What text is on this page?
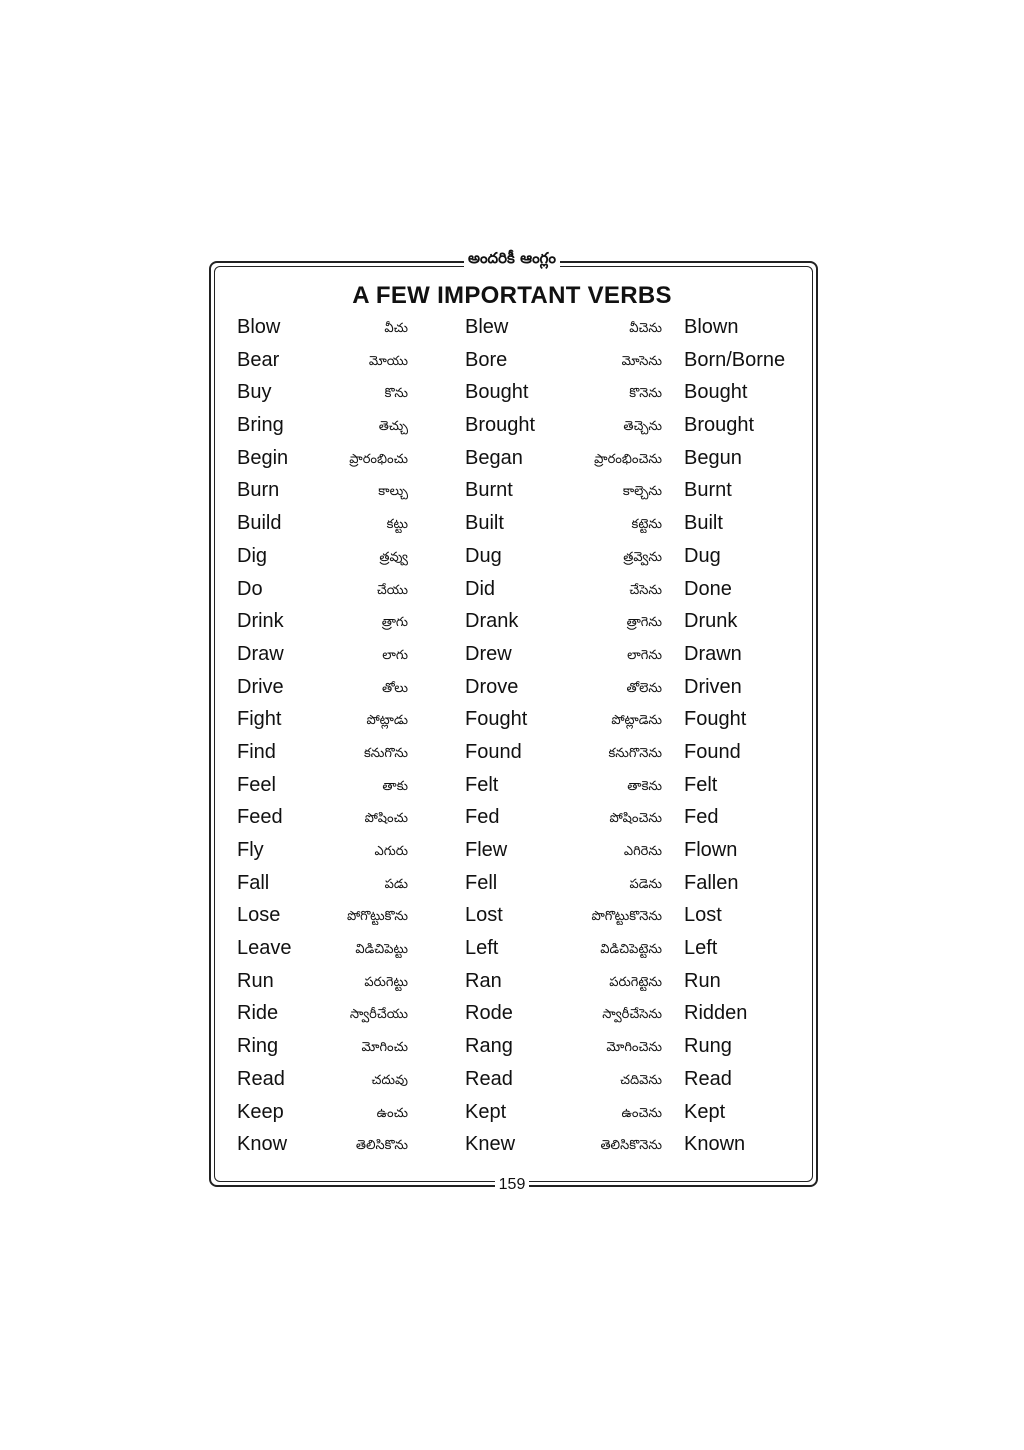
అందరికీ ఆంగ్లం
A FEW IMPORTANT VERBS
Blow	వీచు	Blew	వీచెను Blown
Bear	మోయు	Bore	మోసెను Born/Borne
Buy	కొను	Bought	కొనెను Bought
Bring	తెచ్చు	Brought	తెచ్చెను Brought
Begin	ప్రారంభించు	Began	ప్రారంభించెను Begun
Burn	కాల్చు	Burnt	కాల్చెను Burnt
Build	కట్టు	Built	కట్టెను Built
Dig	త్రవ్వు	Dug	త్రవ్వెను Dug
Do	చేయు	Did	చేసెను Done
Drink	త్రాగు	Drank	త్రాగెను Drunk
Draw	లాగు	Drew	లాగెను Drawn
Drive	తోలు	Drove	తోలెను Driven
Fight	పోట్లాడు	Fought	పోట్లాడెను Fought
Find	కనుగొను	Found	కనుగొనెను Found
Feel	తాకు	Felt	తాకెను Felt
Feed	పోషించు	Fed	పోషించెను Fed
Fly	ఎగురు	Flew	ఎగిరెను Flown
Fall	పడు	Fell	పడెను Fallen
Lose	పోగొట్టుకొను	Lost	పొగొట్టుకొనెను Lost
Leave	విడిచిపెట్టు	Left	విడిచిపెట్టెను Left
Run	పరుగెట్టు	Ran	పరుగెట్టెను Run
Ride	స్వారీచేయు	Rode	స్వారీచేసెను Ridden
Ring	మోగించు	Rang	మోగించెను Rung
Read	చదువు	Read	చదివెను Read
Keep	ఉంచు	Kept	ఉంచెను Kept
Know	తెలిసికొను	Knew	తెలిసికొనెను Known
159
